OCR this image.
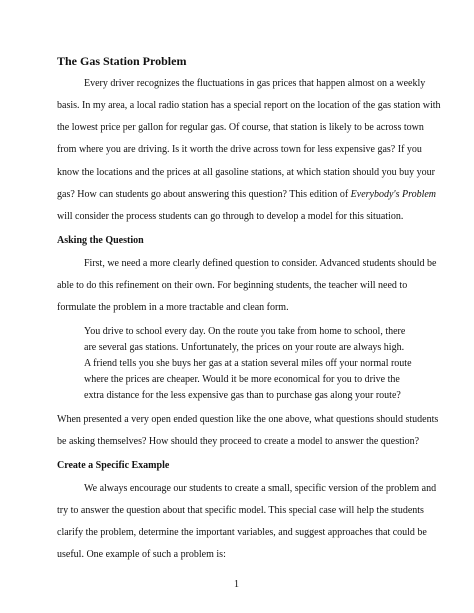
The Gas Station Problem
Every driver recognizes the fluctuations in gas prices that happen almost on a weekly
basis. In my area, a local radio station has a special report on the location of the gas station with
the lowest price per gallon for regular gas. Of course, that station is likely to be across town
from where you are driving. Is it worth the drive across town for less expensive gas? If you
know the locations and the prices at all gasoline stations, at which station should you buy your
gas? How can students go about answering this question? This edition of Everybody's Problem
will consider the process students can go through to develop a model for this situation.
Asking the Question
First, we need a more clearly defined question to consider. Advanced students should be
able to do this refinement on their own. For beginning students, the teacher will need to
formulate the problem in a more tractable and clean form.
You drive to school every day. On the route you take from home to school, there
are several gas stations. Unfortunately, the prices on your route are always high.
A friend tells you she buys her gas at a station several miles off your normal route
where the prices are cheaper. Would it be more economical for you to drive the
extra distance for the less expensive gas than to purchase gas along your route?
When presented a very open ended question like the one above, what questions should students
be asking themselves? How should they proceed to create a model to answer the question?
Create a Specific Example
We always encourage our students to create a small, specific version of the problem and
try to answer the question about that specific model. This special case will help the students
clarify the problem, determine the important variables, and suggest approaches that could be
useful. One example of such a problem is:
1
